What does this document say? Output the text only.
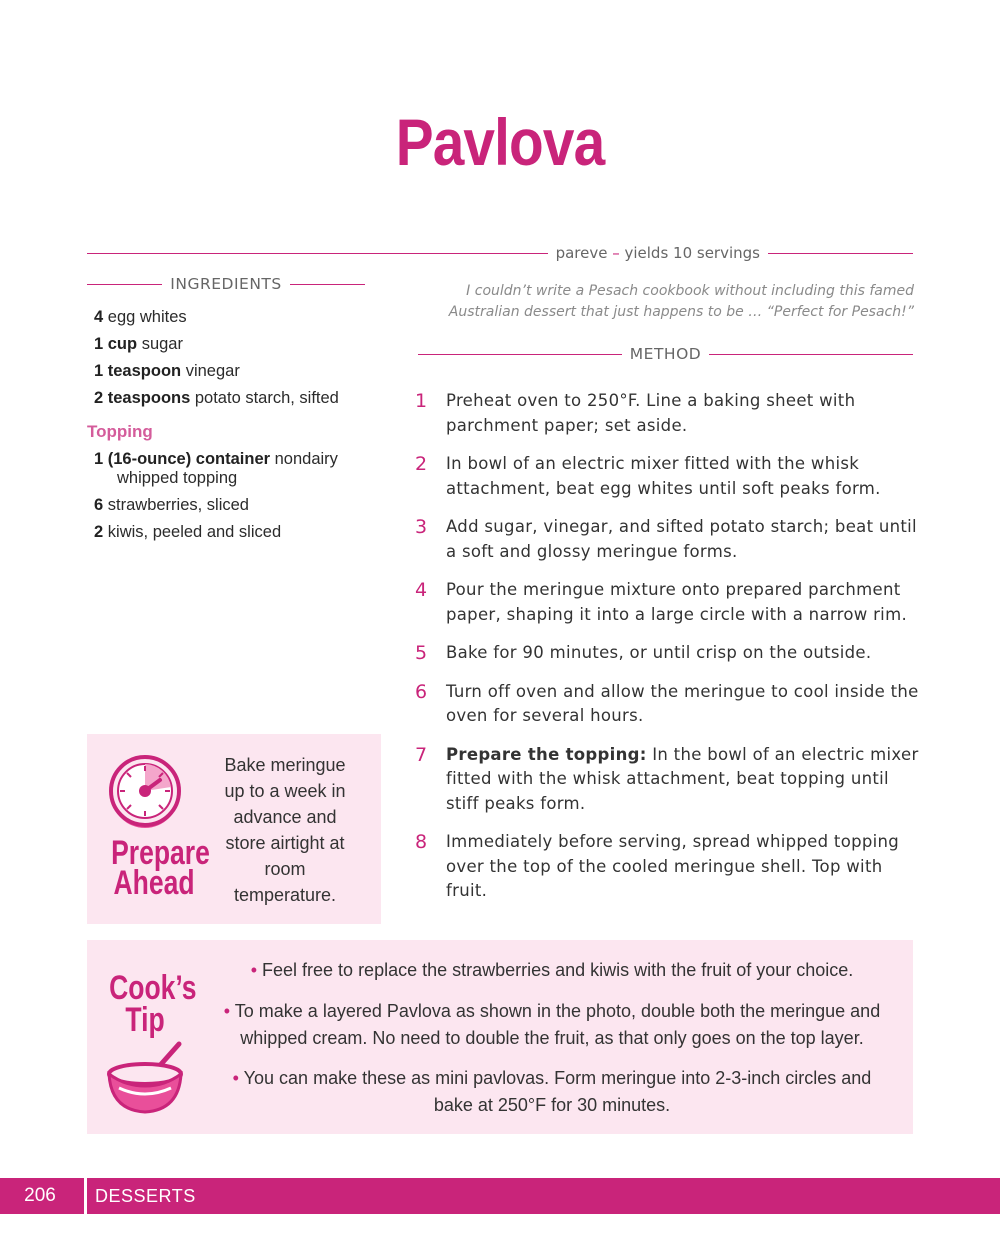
Pavlova
pareve – yields 10 servings
INGREDIENTS
4 egg whites
1 cup sugar
1 teaspoon vinegar
2 teaspoons potato starch, sifted
Topping
1 (16-ounce) container nondairy whipped topping
6 strawberries, sliced
2 kiwis, peeled and sliced
I couldn’t write a Pesach cookbook without including this famed Australian dessert that just happens to be … “Perfect for Pesach!”
METHOD
1	Preheat oven to 250°F. Line a baking sheet with parchment paper; set aside.
2	In bowl of an electric mixer fitted with the whisk attachment, beat egg whites until soft peaks form.
3	Add sugar, vinegar, and sifted potato starch; beat until a soft and glossy meringue forms.
4	Pour the meringue mixture onto prepared parchment paper, shaping it into a large circle with a narrow rim.
5	Bake for 90 minutes, or until crisp on the outside.
6	Turn off oven and allow the meringue to cool inside the oven for several hours.
7	Prepare the topping: In the bowl of an electric mixer fitted with the whisk attachment, beat topping until stiff peaks form.
8	Immediately before serving, spread whipped topping over the top of the cooled meringue shell. Top with fruit.
Prepare
Ahead
Bake meringue up to a week in advance and store airtight at room temperature.
Cook’s
Tip
• Feel free to replace the strawberries and kiwis with the fruit of your choice.
• To make a layered Pavlova as shown in the photo, double both the meringue and whipped cream. No need to double the fruit, as that only goes on the top layer.
• You can make these as mini pavlovas. Form meringue into 2-3-inch circles and bake at 250°F for 30 minutes.
206	DESSERTS
